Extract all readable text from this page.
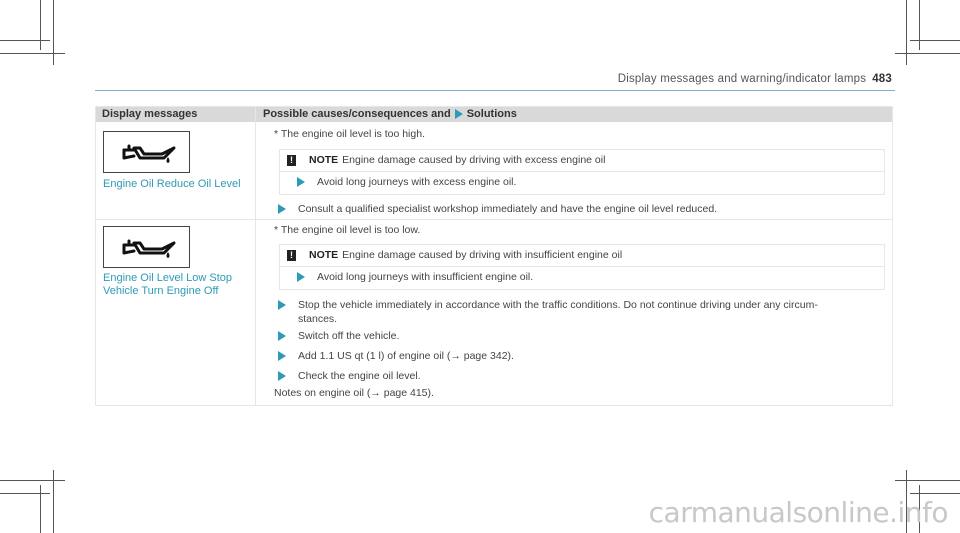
Display messages and warning/indicator lamps 483
Display messages	Possible causes/consequences and Solutions
Engine Oil Reduce Oil Level
* The engine oil level is too high.
! NOTE Engine damage caused by driving with excess engine oil
Avoid long journeys with excess engine oil.
Consult a qualified specialist workshop immediately and have the engine oil level reduced.
Engine Oil Level Low Stop
Vehicle Turn Engine Off
* The engine oil level is too low.
! NOTE Engine damage caused by driving with insufficient engine oil
Avoid long journeys with insufficient engine oil.
Stop the vehicle immediately in accordance with the traffic conditions. Do not continue driving under any circum-
stances.
Switch off the vehicle.
Add 1.1 US qt (1 l) of engine oil (→ page 342).
Check the engine oil level.
Notes on engine oil (→ page 415).
carmanualsonline.info
